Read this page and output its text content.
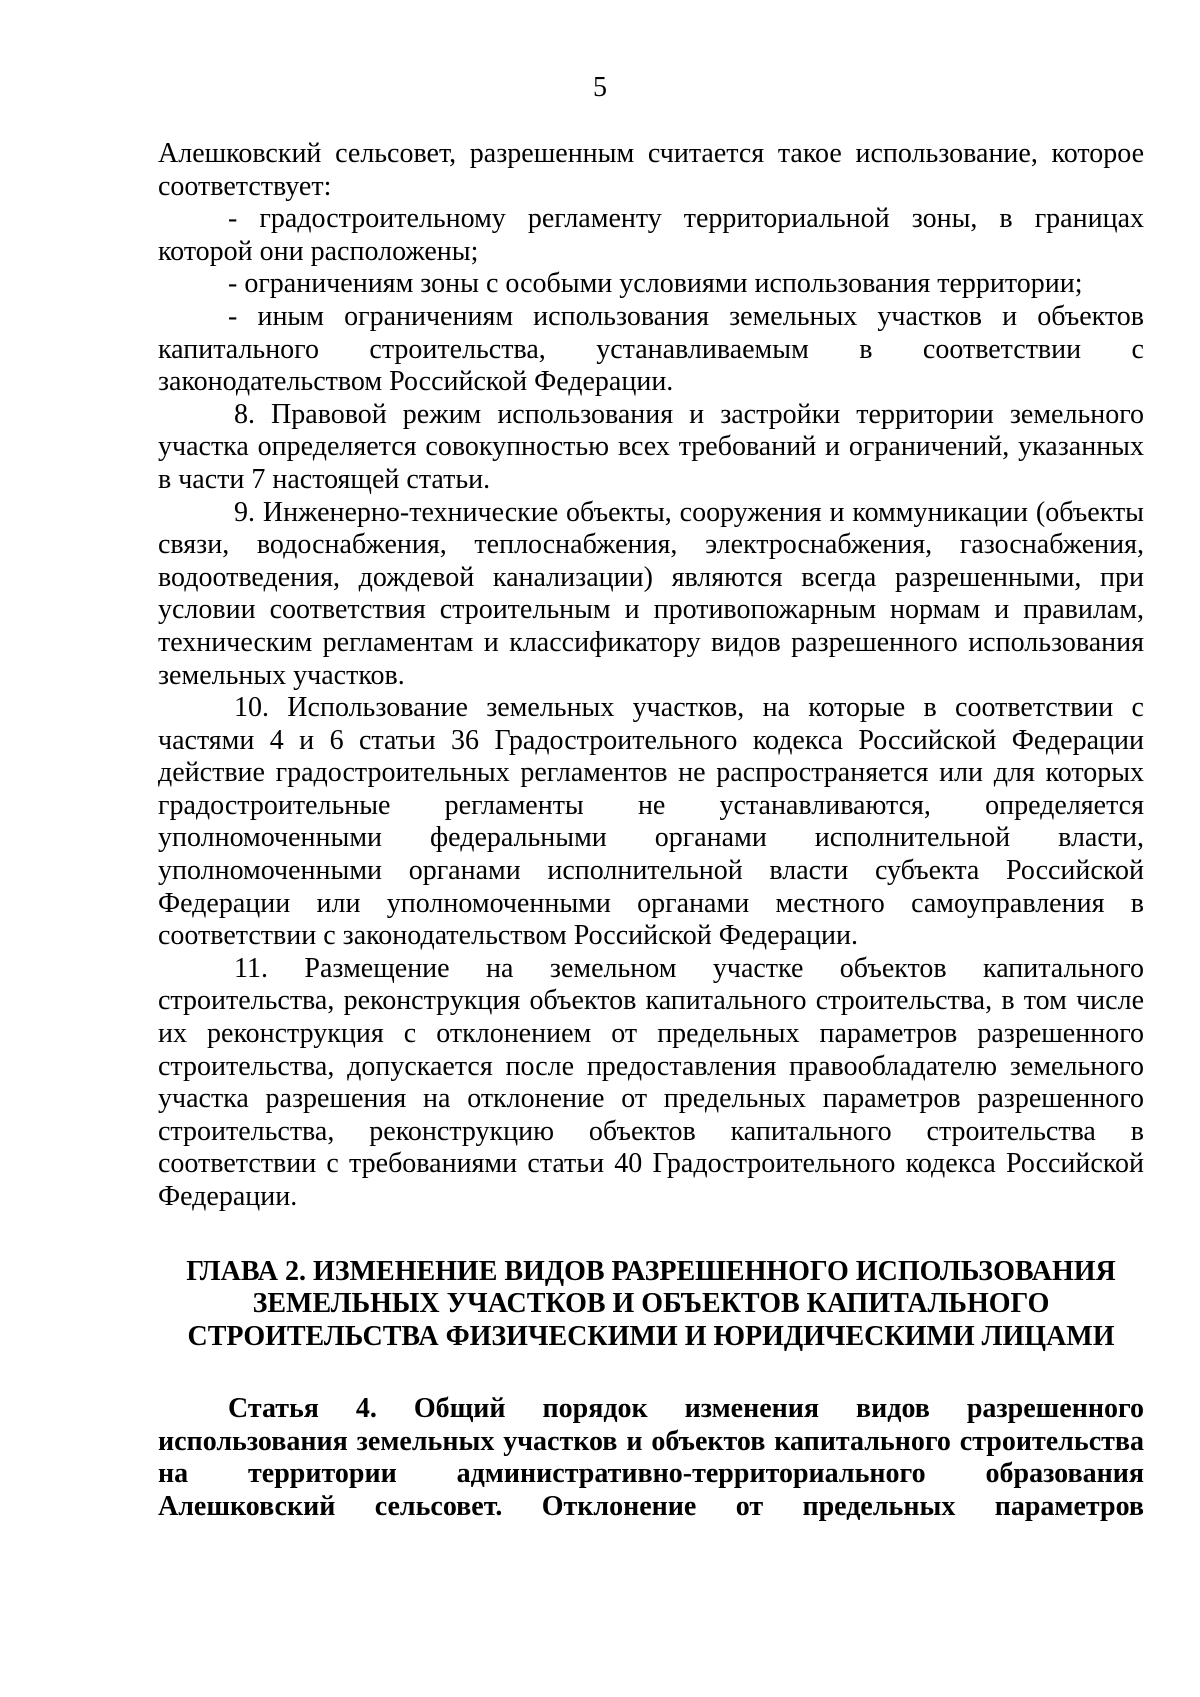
5

Алешковский сельсовет, разрешенным считается такое использование, которое соответствует:

- градостроительному регламенту территориальной зоны, в границах которой они расположены;

- ограничениям зоны с особыми условиями использования территории;

- иным ограничениям использования земельных участков и объектов капитального строительства, устанавливаемым в соответствии с законодательством Российской Федерации.

8. Правовой режим использования и застройки территории земельного участка определяется совокупностью всех требований и ограничений, указанных в части 7 настоящей статьи.

9. Инженерно-технические объекты, сооружения и коммуникации (объекты связи, водоснабжения, теплоснабжения, электроснабжения, газоснабжения, водоотведения, дождевой канализации) являются всегда разрешенными, при условии соответствия строительным и противопожарным нормам и правилам, техническим регламентам и классификатору видов разрешенного использования земельных участков.

10. Использование земельных участков, на которые в соответствии с частями 4 и 6 статьи 36 Градостроительного кодекса Российской Федерации действие градостроительных регламентов не распространяется или для которых градостроительные регламенты не устанавливаются, определяется уполномоченными федеральными органами исполнительной власти, уполномоченными органами исполнительной власти субъекта Российской Федерации или уполномоченными органами местного самоуправления в соответствии с законодательством Российской Федерации.

11. Размещение на земельном участке объектов капитального строительства, реконструкция объектов капитального строительства, в том числе их реконструкция с отклонением от предельных параметров разрешенного строительства, допускается после предоставления правообладателю земельного участка разрешения на отклонение от предельных параметров разрешенного строительства, реконструкцию объектов капитального строительства в соответствии с требованиями статьи 40 Градостроительного кодекса Российской Федерации.

ГЛАВА 2. ИЗМЕНЕНИЕ ВИДОВ РАЗРЕШЕННОГО ИСПОЛЬЗОВАНИЯ ЗЕМЕЛЬНЫХ УЧАСТКОВ И ОБЪЕКТОВ КАПИТАЛЬНОГО СТРОИТЕЛЬСТВА ФИЗИЧЕСКИМИ И ЮРИДИЧЕСКИМИ ЛИЦАМИ

Статья 4. Общий порядок изменения видов разрешенного использования земельных участков и объектов капитального строительства на территории административно-территориального образования Алешковский сельсовет. Отклонение от предельных параметров
